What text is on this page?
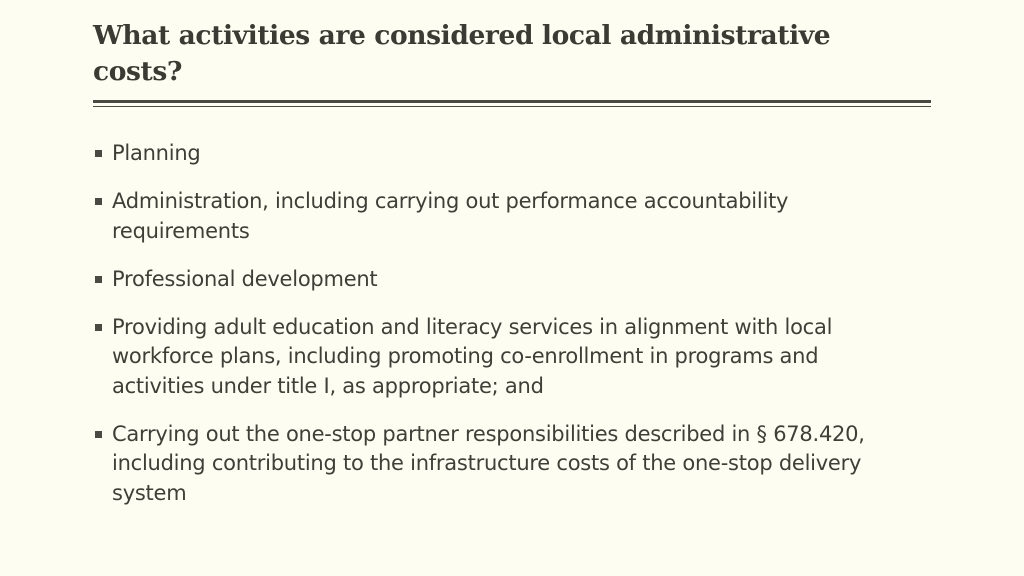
What activities are considered local administrative costs?
Planning
Administration, including carrying out performance accountability requirements
Professional development
Providing adult education and literacy services in alignment with local workforce plans, including promoting co-enrollment in programs and activities under title I, as appropriate; and
Carrying out the one-stop partner responsibilities described in § 678.420, including contributing to the infrastructure costs of the one-stop delivery system
